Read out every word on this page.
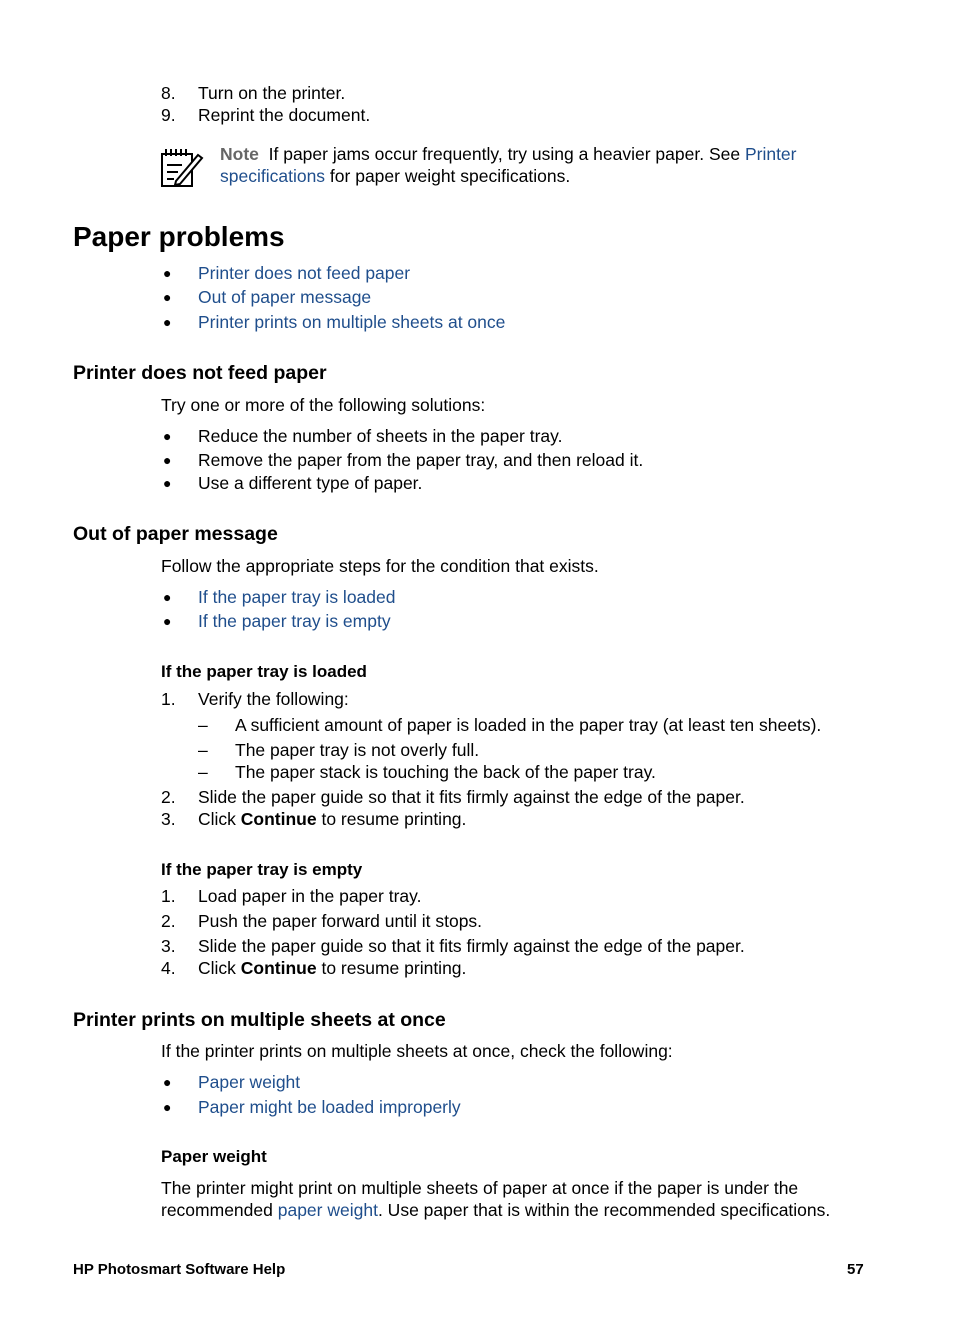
8. Turn on the printer.
9. Reprint the document.
Note If paper jams occur frequently, try using a heavier paper. See Printer
specifications for paper weight specifications.
Paper problems
● Printer does not feed paper
● Out of paper message
● Printer prints on multiple sheets at once
Printer does not feed paper
Try one or more of the following solutions:
● Reduce the number of sheets in the paper tray.
● Remove the paper from the paper tray, and then reload it.
● Use a different type of paper.
Out of paper message
Follow the appropriate steps for the condition that exists.
● If the paper tray is loaded
● If the paper tray is empty
If the paper tray is loaded
1. Verify the following:
– A sufficient amount of paper is loaded in the paper tray (at least ten sheets).
– The paper tray is not overly full.
– The paper stack is touching the back of the paper tray.
2. Slide the paper guide so that it fits firmly against the edge of the paper.
3. Click Continue to resume printing.
If the paper tray is empty
1. Load paper in the paper tray.
2. Push the paper forward until it stops.
3. Slide the paper guide so that it fits firmly against the edge of the paper.
4. Click Continue to resume printing.
Printer prints on multiple sheets at once
If the printer prints on multiple sheets at once, check the following:
● Paper weight
● Paper might be loaded improperly
Paper weight
The printer might print on multiple sheets of paper at once if the paper is under the
recommended paper weight. Use paper that is within the recommended specifications.
HP Photosmart Software Help	57
